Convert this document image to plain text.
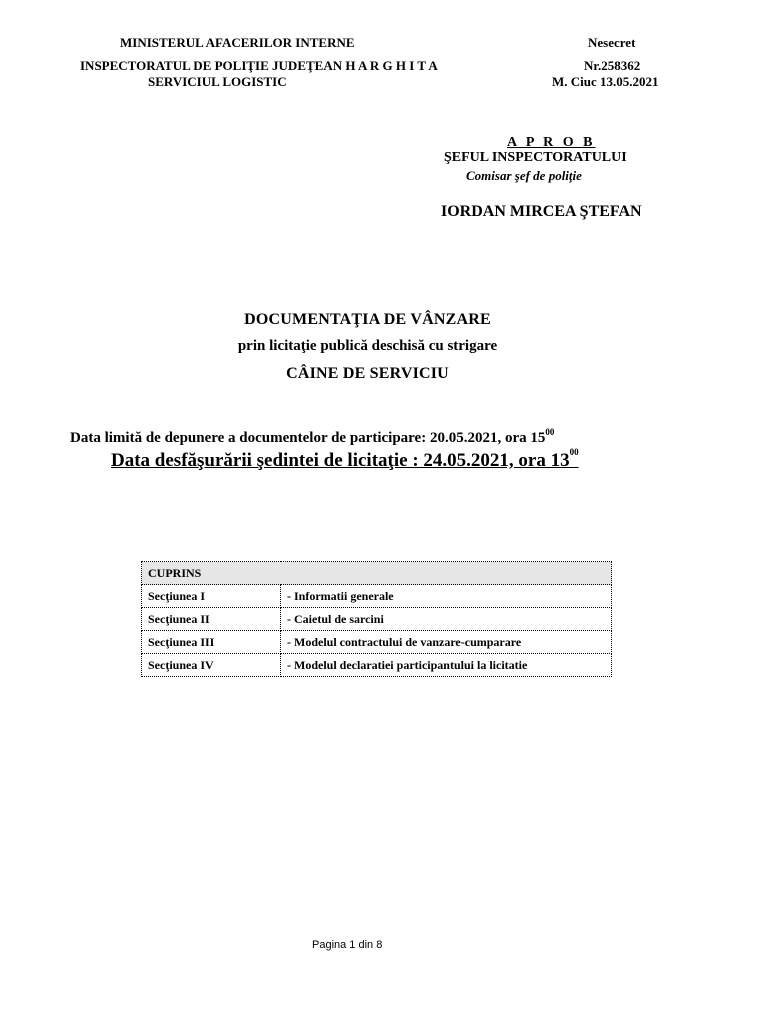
MINISTERUL AFACERILOR INTERNE
INSPECTORATUL DE POLIŢIE JUDEŢEAN H A R G H I T A
SERVICIUL LOGISTIC
Nesecret
Nr.258362
M. Ciuc 13.05.2021
A P R O B
ŞEFUL INSPECTORATULUI
Comisar şef de poliţie
IORDAN MIRCEA ŞTEFAN
DOCUMENTAŢIA DE VÂNZARE
prin licitaţie publică deschisă cu strigare
CÂINE DE SERVICIU
Data limită de depunere a documentelor de participare: 20.05.2021, ora $15^{00}$
Data desfăşurării şedintei de licitaţie : 24.05.2021, ora $13^{00}$
CUPRINS	
Secţiunea I	- Informatii generale
Secţiunea II	- Caietul de sarcini
Secţiunea III	- Modelul contractului de vanzare-cumparare
Secţiunea IV	- Modelul declaratiei participantului la licitatie
Pagina 1 din 8
